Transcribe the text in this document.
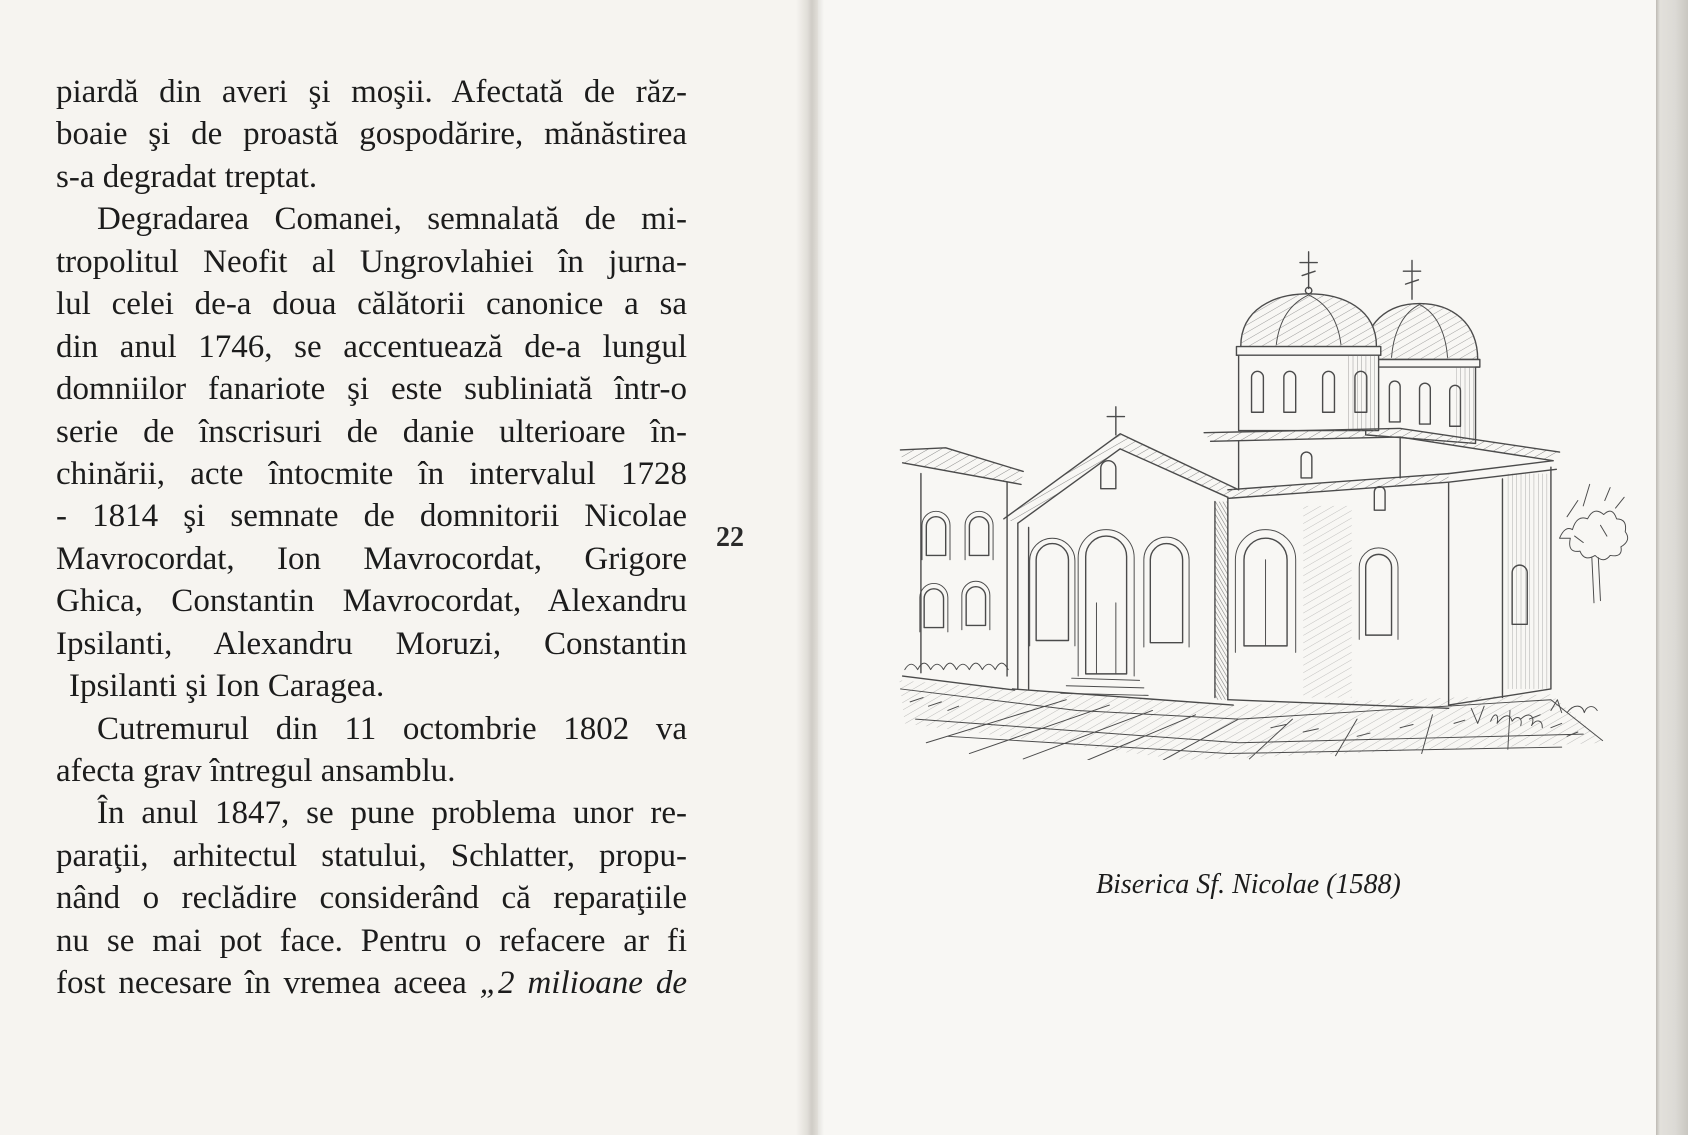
piardă din averi şi moşii. Afectată de răz-
boaie şi de proastă gospodărire, mănăstirea
s-a degradat treptat.
Degradarea Comanei, semnalată de mi-
tropolitul Neofit al Ungrovlahiei în jurna-
lul celei de-a doua călătorii canonice a sa
din anul 1746, se accentuează de-a lungul
domniilor fanariote şi este subliniată într-o
serie de înscrisuri de danie ulterioare în-
chinării, acte întocmite în intervalul 1728
- 1814 şi semnate de domnitorii Nicolae
Mavrocordat, Ion Mavrocordat, Grigore
Ghica, Constantin Mavrocordat, Alexandru
Ipsilanti, Alexandru Moruzi, Constantin
Ipsilanti şi Ion Caragea.
Cutremurul din 11 octombrie 1802 va
afecta grav întregul ansamblu.
În anul 1847, se pune problema unor re-
paraţii, arhitectul statului, Schlatter, propu-
nând o reclădire considerând că reparaţiile
nu se mai pot face. Pentru o refacere ar fi
fost necesare în vremea aceea „2 milioane de
22
Biserica Sf. Nicolae (1588)
